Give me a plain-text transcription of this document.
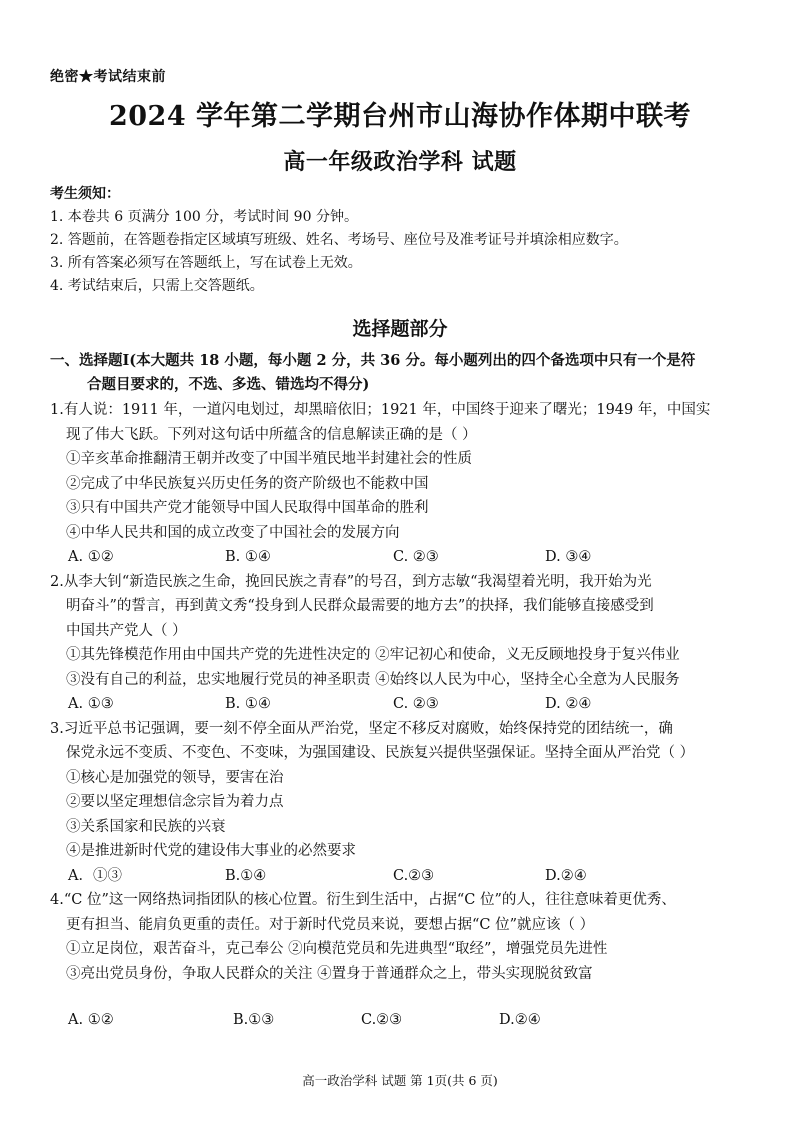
绝密★考试结束前
2024 学年第二学期台州市山海协作体期中联考
高一年级政治学科 试题
考生须知：
1. 本卷共 6 页满分 100 分，考试时间 90 分钟。
2. 答题前，在答题卷指定区域填写班级、姓名、考场号、座位号及准考证号并填涂相应数字。
3. 所有答案必须写在答题纸上，写在试卷上无效。
4. 考试结束后，只需上交答题纸。
选择题部分
一、选择题Ⅰ(本大题共 18 小题，每小题 2 分，共 36 分。每小题列出的四个备选项中只有一个是符
合题目要求的，不选、多选、错选均不得分)
1.有人说：1911 年，一道闪电划过，却黑暗依旧；1921 年，中国终于迎来了曙光；1949 年，中国实
现了伟大飞跃。下列对这句话中所蕴含的信息解读正确的是（ ）
①辛亥革命推翻清王朝并改变了中国半殖民地半封建社会的性质
②完成了中华民族复兴历史任务的资产阶级也不能救中国
③只有中国共产党才能领导中国人民取得中国革命的胜利
④中华人民共和国的成立改变了中国社会的发展方向
A. ①②	B. ①④	C. ②③	D. ③④
2.从李大钊“新造民族之生命，挽回民族之青春”的号召，到方志敏“我渴望着光明，我开始为光
明奋斗”的誓言，再到黄文秀“投身到人民群众最需要的地方去”的抉择，我们能够直接感受到
中国共产党人（ ）
①其先锋模范作用由中国共产党的先进性决定的 ②牢记初心和使命，义无反顾地投身于复兴伟业
③没有自己的利益，忠实地履行党员的神圣职责 ④始终以人民为中心，坚持全心全意为人民服务
A. ①③	B. ①④	C. ②③	D. ②④
3.习近平总书记强调，要一刻不停全面从严治党，坚定不移反对腐败，始终保持党的团结统一，确
保党永远不变质、不变色、不变味，为强国建设、民族复兴提供坚强保证。坚持全面从严治党（ ）
①核心是加强党的领导，要害在治
②要以坚定理想信念宗旨为着力点
③关系国家和民族的兴衰
④是推进新时代党的建设伟大事业的必然要求
A．①③	B.①④	C.②③	D.②④
4.“C 位”这一网络热词指团队的核心位置。衍生到生活中，占据“C 位”的人，往往意味着更优秀、
更有担当、能肩负更重的责任。对于新时代党员来说，要想占据“C 位”就应该（ ）
①立足岗位，艰苦奋斗，克己奉公 ②向模范党员和先进典型“取经”，增强党员先进性
③亮出党员身份，争取人民群众的关注 ④置身于普通群众之上，带头实现脱贫致富
A. ①②	B.①③	C.②③	D.②④
高一政治学科 试题 第 1页(共 6 页)
